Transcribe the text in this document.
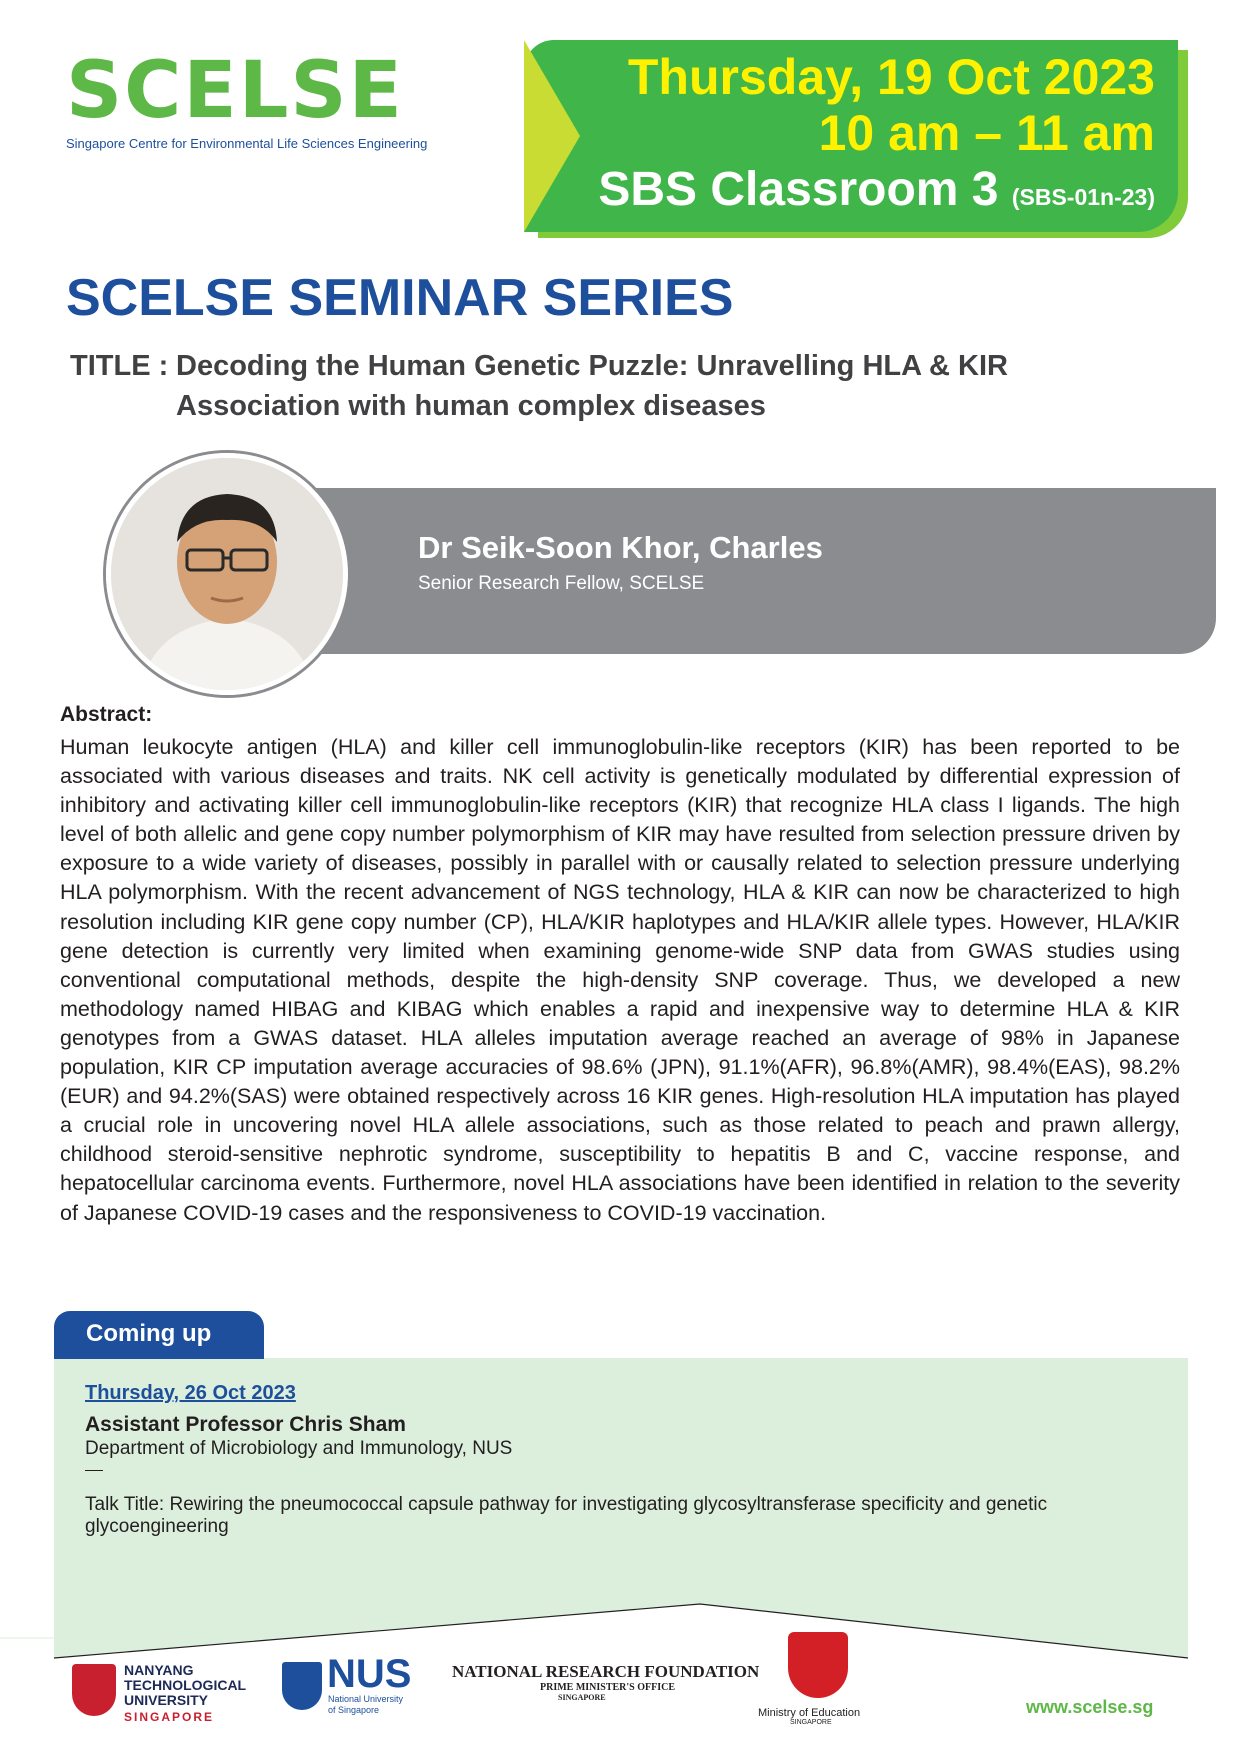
SCELSE
Singapore Centre for Environmental Life Sciences Engineering
Thursday, 19 Oct 2023
10 am – 11 am
SBS Classroom 3 (SBS-01n-23)
SCELSE SEMINAR SERIES
TITLE : Decoding the Human Genetic Puzzle: Unravelling HLA & KIR
Association with human complex diseases
Dr Seik-Soon Khor, Charles
Senior Research Fellow, SCELSE
Abstract:
Human leukocyte antigen (HLA) and killer cell immunoglobulin-like receptors (KIR) has been reported to be associated with various diseases and traits. NK cell activity is genetically modulated by differential expression of inhibitory and activating killer cell immunoglobulin-like receptors (KIR) that recognize HLA class I ligands. The high level of both allelic and gene copy number polymorphism of KIR may have resulted from selection pressure driven by exposure to a wide variety of diseases, possibly in parallel with or causally related to selection pressure underlying HLA polymorphism. With the recent advancement of NGS technology, HLA & KIR can now be characterized to high resolution including KIR gene copy number (CP), HLA/KIR haplotypes and HLA/KIR allele types. However, HLA/KIR gene detection is currently very limited when examining genome-wide SNP data from GWAS studies using conventional computational methods, despite the high-density SNP coverage. Thus, we developed a new methodology named HIBAG and KIBAG which enables a rapid and inexpensive way to determine HLA & KIR genotypes from a GWAS dataset. HLA alleles imputation average reached an average of 98% in Japanese population, KIR CP imputation average accuracies of 98.6% (JPN), 91.1%(AFR), 96.8%(AMR), 98.4%(EAS), 98.2%(EUR) and 94.2%(SAS) were obtained respectively across 16 KIR genes. High-resolution HLA imputation has played a crucial role in uncovering novel HLA allele associations, such as those related to peach and prawn allergy, childhood steroid-sensitive nephrotic syndrome, susceptibility to hepatitis B and C, vaccine response, and hepatocellular carcinoma events. Furthermore, novel HLA associations have been identified in relation to the severity of Japanese COVID-19 cases and the responsiveness to COVID-19 vaccination.
Coming up
Thursday, 26 Oct 2023
Assistant Professor Chris Sham
Department of Microbiology and Immunology, NUS
Talk Title: Rewiring the pneumococcal capsule pathway for investigating glycosyltransferase specificity and genetic glycoengineering
NANYANG
TECHNOLOGICAL
UNIVERSITY
SINGAPORE
NUS
National University
of Singapore
NATIONAL RESEARCH FOUNDATION
PRIME MINISTER'S OFFICE
SINGAPORE
Ministry of Education
SINGAPORE
www.scelse.sg
